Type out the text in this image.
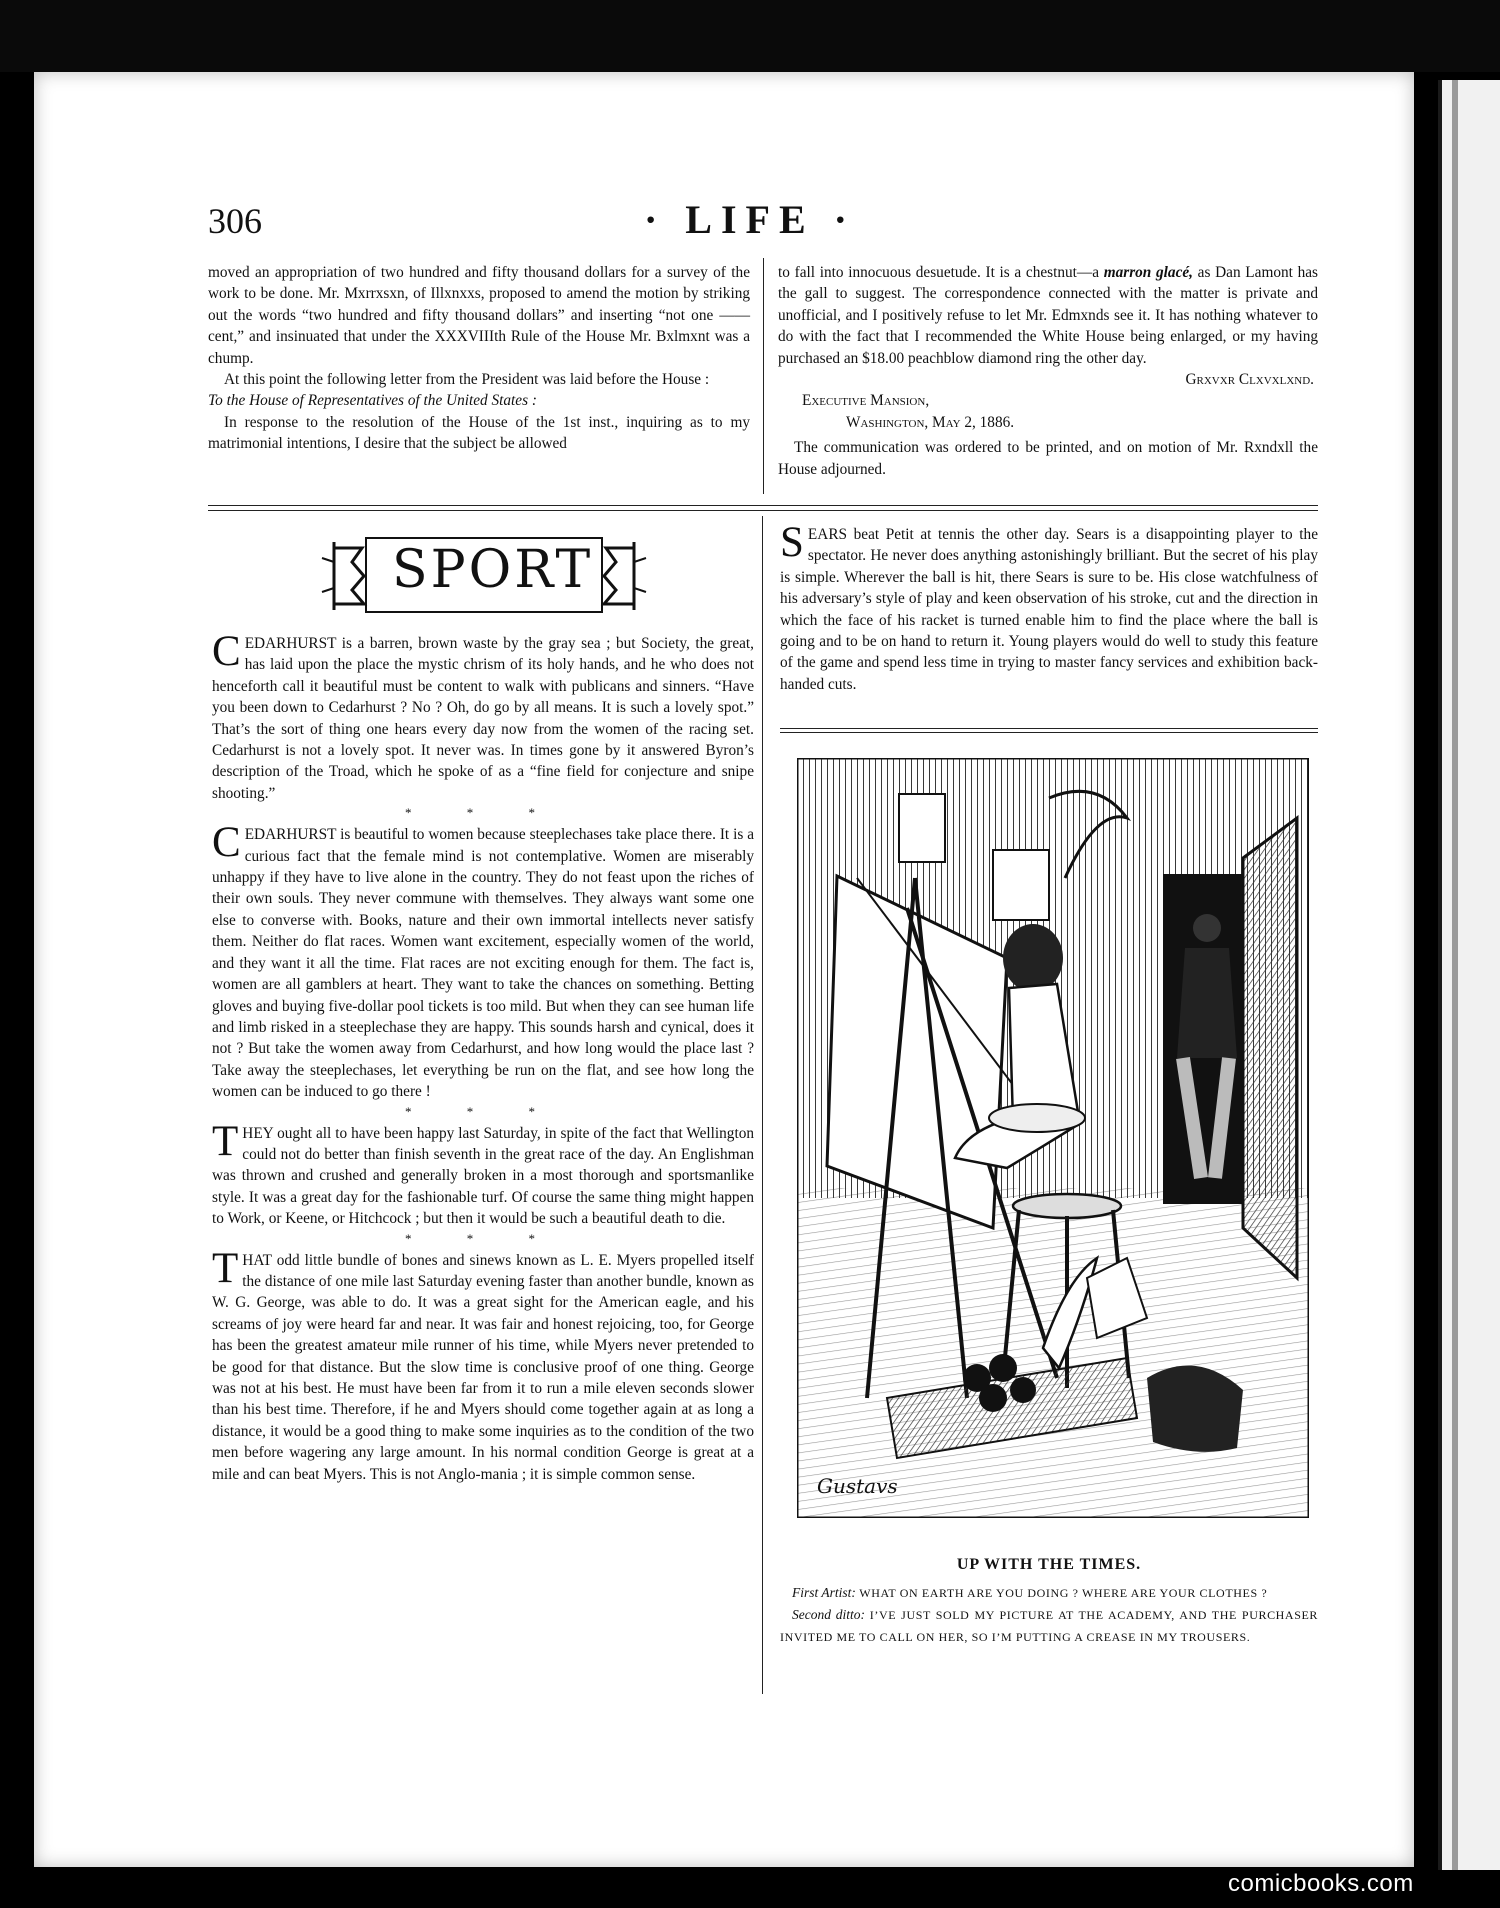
306	· LIFE ·

moved an appropriation of two hundred and fifty thousand dollars for a survey of the work to be done. Mr. Mxrrxsxn, of Illxnxxs, proposed to amend the motion by striking out the words “two hundred and fifty thousand dollars” and inserting “not one —— cent,” and insinuated that under the XXXVIIIth Rule of the House Mr. Bxlmxnt was a chump.

At this point the following letter from the President was laid before the House :

To the House of Representatives of the United States :

In response to the resolution of the House of the 1st inst., inquiring as to my matrimonial intentions, I desire that the subject be allowed

to fall into innocuous desuetude. It is a chestnut—a marron glacé, as Dan Lamont has the gall to suggest. The correspondence connected with the matter is private and unofficial, and I positively refuse to let Mr. Edmxnds see it. It has nothing whatever to do with the fact that I recommended the White House being enlarged, or my having purchased an $18.00 peachblow diamond ring the other day.

Grxvxr Clxvxlxnd.

Executive Mansion,

Washington, May 2, 1886.

The communication was ordered to be printed, and on motion of Mr. Rxndxll the House adjourned.

SPORT

CEDARHURST is a barren, brown waste by the gray sea ; but Society, the great, has laid upon the place the mystic chrism of its holy hands, and he who does not henceforth call it beautiful must be content to walk with publicans and sinners. “Have you been down to Cedarhurst ? No ? Oh, do go by all means. It is such a lovely spot.” That’s the sort of thing one hears every day now from the women of the racing set. Cedarhurst is not a lovely spot. It never was. In times gone by it answered Byron’s description of the Troad, which he spoke of as a “fine field for conjecture and snipe shooting.”

* * *

CEDARHURST is beautiful to women because steeplechases take place there. It is a curious fact that the female mind is not contemplative. Women are miserably unhappy if they have to live alone in the country. They do not feast upon the riches of their own souls. They never commune with themselves. They always want some one else to converse with. Books, nature and their own immortal intellects never satisfy them. Neither do flat races. Women want excitement, especially women of the world, and they want it all the time. Flat races are not exciting enough for them. The fact is, women are all gamblers at heart. They want to take the chances on something. Betting gloves and buying five-dollar pool tickets is too mild. But when they can see human life and limb risked in a steeplechase they are happy. This sounds harsh and cynical, does it not ? But take the women away from Cedarhurst, and how long would the place last ? Take away the steeplechases, let everything be run on the flat, and see how long the women can be induced to go there !

* * *

THEY ought all to have been happy last Saturday, in spite of the fact that Wellington could not do better than finish seventh in the great race of the day. An Englishman was thrown and crushed and generally broken in a most thorough and sportsmanlike style. It was a great day for the fashionable turf. Of course the same thing might happen to Work, or Keene, or Hitchcock ; but then it would be such a beautiful death to die.

* * *

THAT odd little bundle of bones and sinews known as L. E. Myers propelled itself the distance of one mile last Saturday evening faster than another bundle, known as W. G. George, was able to do. It was a great sight for the American eagle, and his screams of joy were heard far and near. It was fair and honest rejoicing, too, for George has been the greatest amateur mile runner of his time, while Myers never pretended to be good for that distance. But the slow time is conclusive proof of one thing. George was not at his best. He must have been far from it to run a mile eleven seconds slower than his best time. Therefore, if he and Myers should come together again at as long a distance, it would be a good thing to make some inquiries as to the condition of the two men before wagering any large amount. In his normal condition George is great at a mile and can beat Myers. This is not Anglo-mania ; it is simple common sense.

SEARS beat Petit at tennis the other day. Sears is a disappointing player to the spectator. He never does anything astonishingly brilliant. But the secret of his play is simple. Wherever the ball is hit, there Sears is sure to be. His close watchfulness of his adversary’s style of play and keen observation of his stroke, cut and the direction in which the face of his racket is turned enable him to find the place where the ball is going and to be on hand to return it. Young players would do well to study this feature of the game and spend less time in trying to master fancy services and exhibition back-handed cuts.

Gustavs
UP WITH THE TIMES.

First Artist: WHAT ON EARTH ARE YOU DOING ? WHERE ARE YOUR CLOTHES ?

Second ditto: I’VE JUST SOLD MY PICTURE AT THE ACADEMY, AND THE PURCHASER INVITED ME TO CALL ON HER, SO I’M PUTTING A CREASE IN MY TROUSERS.

comicbooks.com
